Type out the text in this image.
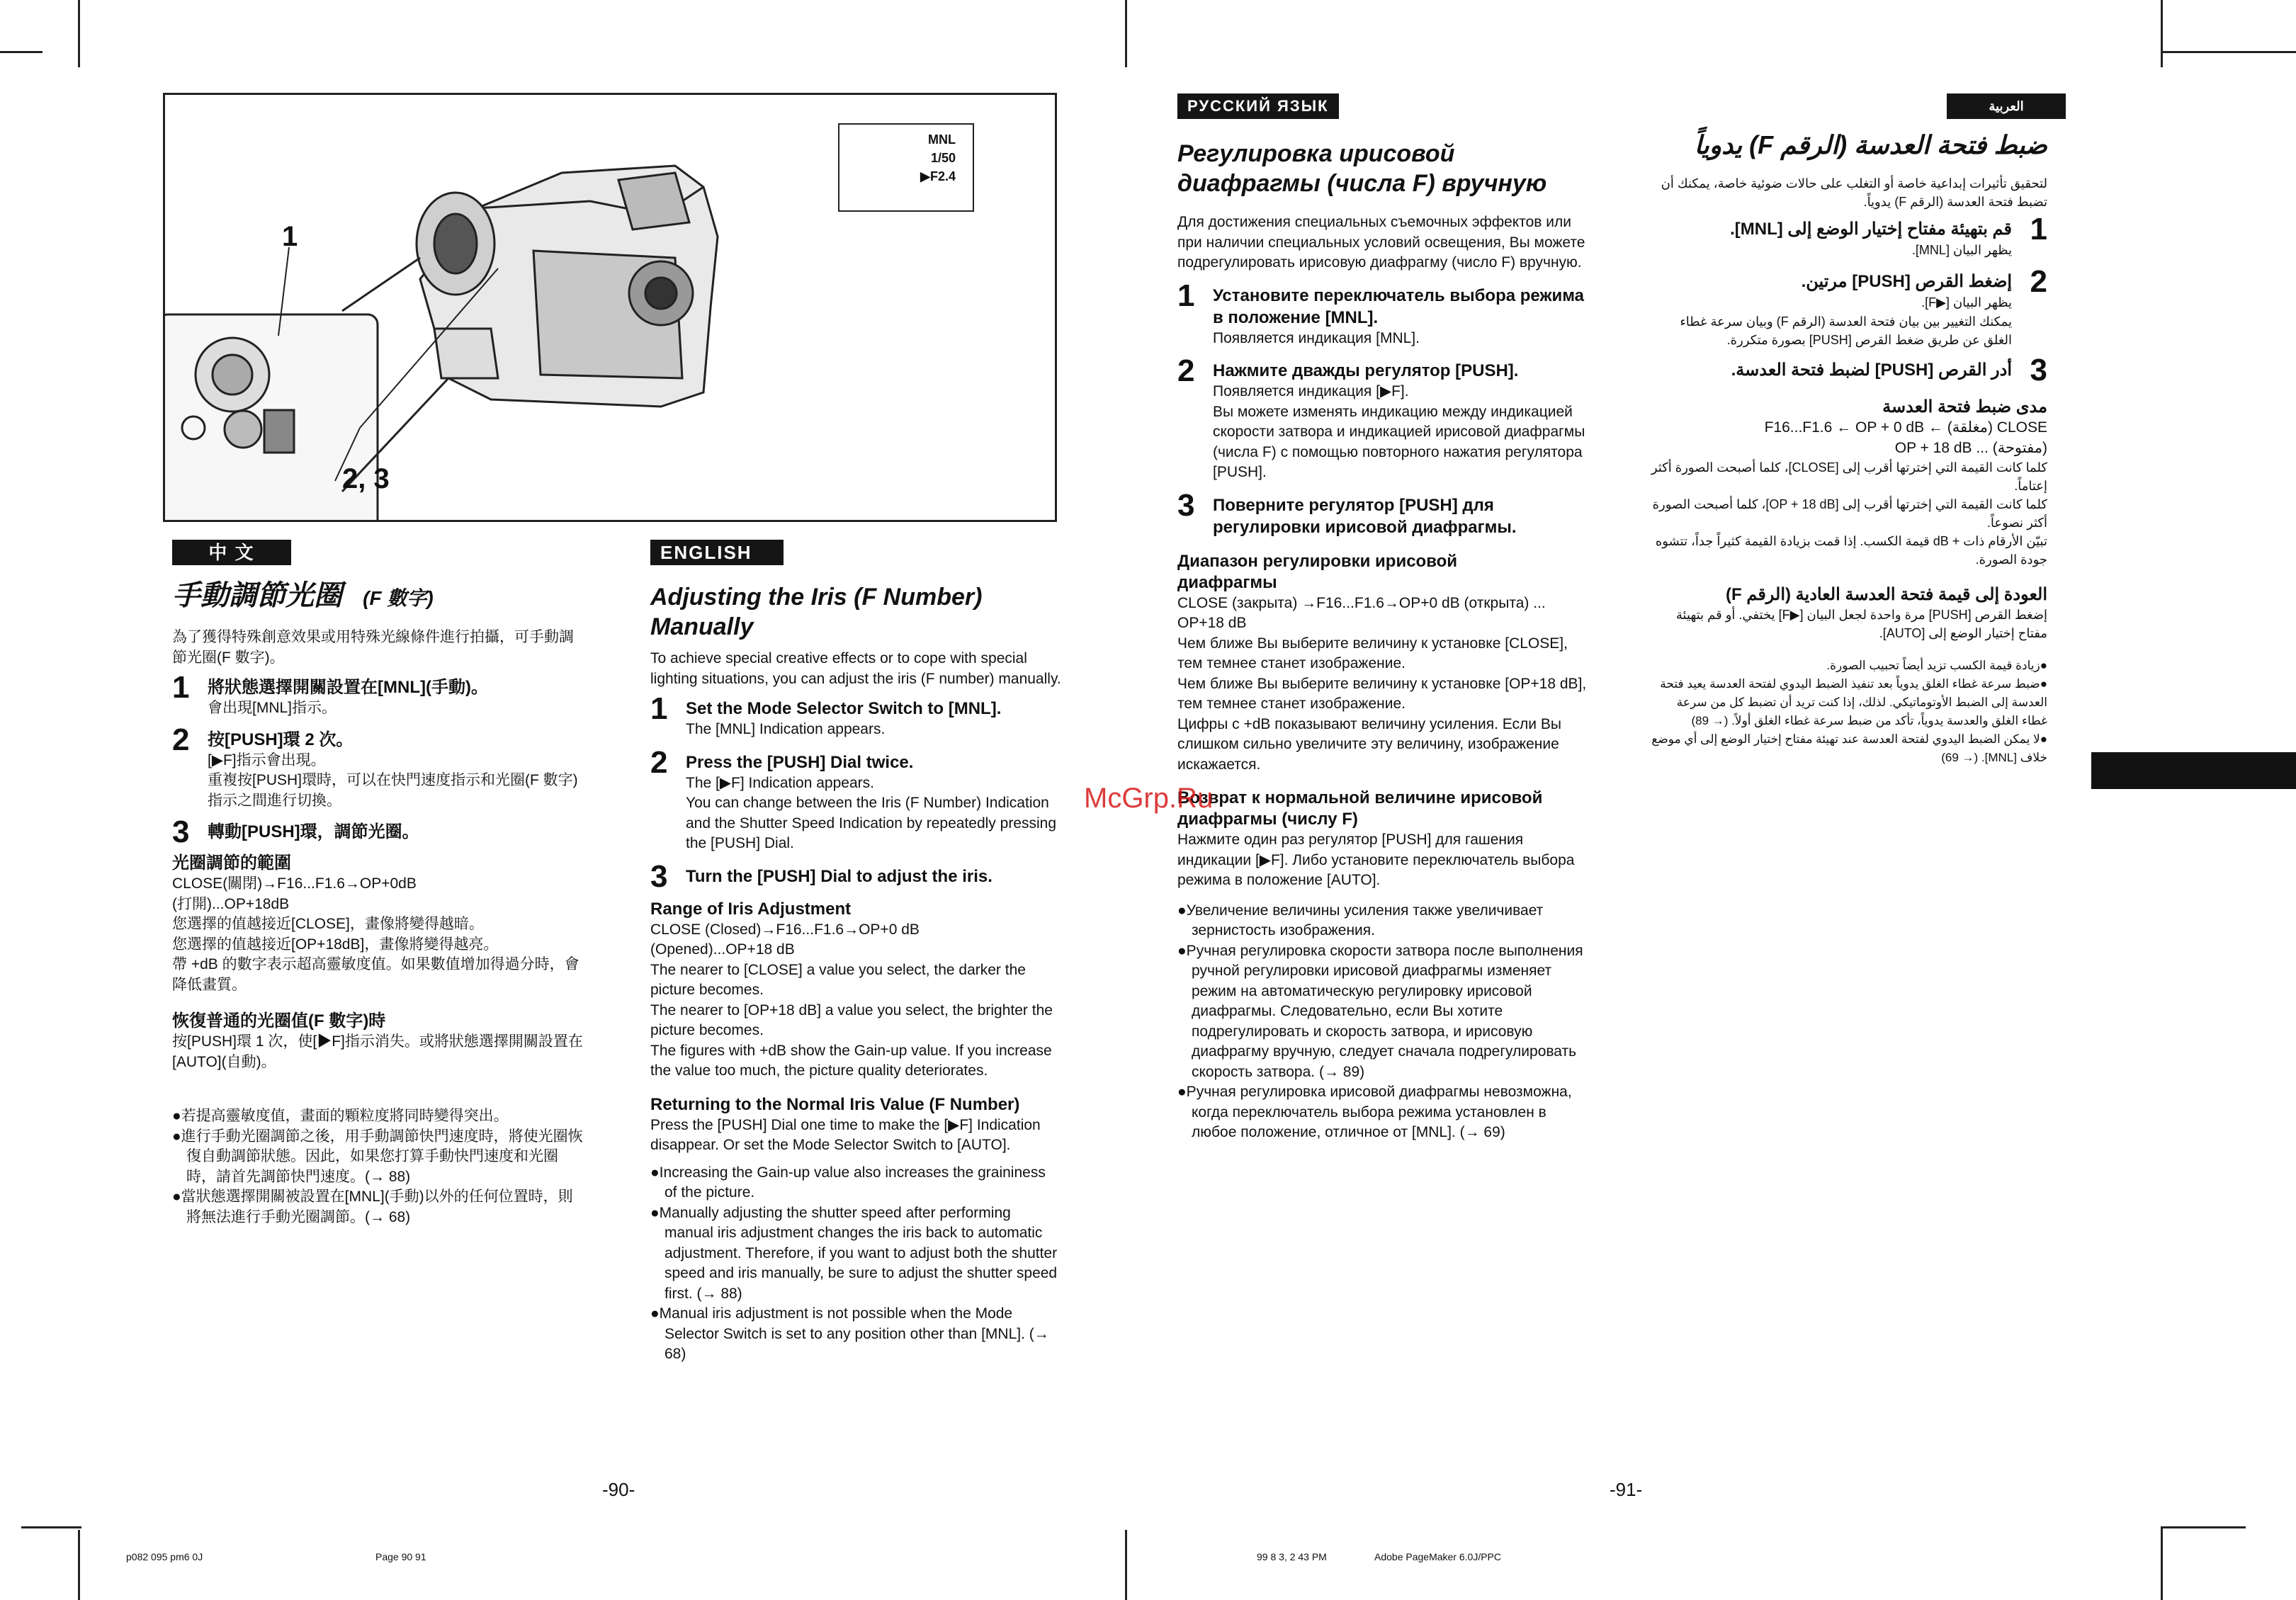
MNL
1/50
▶F2.4
1
2, 3
中 文
手動調節光圈 (F 數字)
為了獲得特殊創意效果或用特殊光線條件進行拍攝，可手動調節光圈(F 數字)。
1 將狀態選擇開關設置在[MNL](手動)。
會出現[MNL]指示。
2 按[PUSH]環 2 次。
[▶F]指示會出現。
重複按[PUSH]環時，可以在快門速度指示和光圈(F 數字)指示之間進行切換。
3 轉動[PUSH]環，調節光圈。
光圈調節的範圍
CLOSE(關閉)→F16...F1.6→OP+0dB
(打開)...OP+18dB
您選擇的值越接近[CLOSE]，畫像將變得越暗。
您選擇的值越接近[OP+18dB]，畫像將變得越亮。
帶 +dB 的數字表示超高靈敏度值。如果數值增加得過分時，會降低畫質。
恢復普通的光圈值(F 數字)時
按[PUSH]環 1 次，使[▶F]指示消失。或將狀態選擇開關設置在[AUTO](自動)。
●若提高靈敏度值，畫面的顆粒度將同時變得突出。
●進行手動光圈調節之後，用手動調節快門速度時，將使光圈恢復自動調節狀態。因此，如果您打算手動快門速度和光圈時，請首先調節快門速度。(→ 88)
●當狀態選擇開關被設置在[MNL](手動)以外的任何位置時，則將無法進行手動光圈調節。(→ 68)
ENGLISH
Adjusting the Iris (F Number) Manually
To achieve special creative effects or to cope with special lighting situations, you can adjust the iris (F number) manually.
1 Set the Mode Selector Switch to [MNL].
The [MNL] Indication appears.
2 Press the [PUSH] Dial twice.
The [▶F] Indication appears.
You can change between the Iris (F Number) Indication and the Shutter Speed Indication by repeatedly pressing the [PUSH] Dial.
3 Turn the [PUSH] Dial to adjust the iris.
Range of Iris Adjustment
CLOSE (Closed)→F16...F1.6→OP+0 dB
(Opened)...OP+18 dB
The nearer to [CLOSE] a value you select, the darker the picture becomes.
The nearer to [OP+18 dB] a value you select, the brighter the picture becomes.
The figures with +dB show the Gain-up value. If you increase the value too much, the picture quality deteriorates.
Returning to the Normal Iris Value (F Number)
Press the [PUSH] Dial one time to make the [▶F] Indication disappear. Or set the Mode Selector Switch to [AUTO].
●Increasing the Gain-up value also increases the graininess of the picture.
●Manually adjusting the shutter speed after performing manual iris adjustment changes the iris back to automatic adjustment. Therefore, if you want to adjust both the shutter speed and iris manually, be sure to adjust the shutter speed first. (→ 88)
●Manual iris adjustment is not possible when the Mode Selector Switch is set to any position other than [MNL]. (→ 68)
РУССКИЙ ЯЗЫК
Регулировка ирисовой диафрагмы (числа F) вручную
Для достижения специальных съемочных эффектов или при наличии специальных условий освещения, Вы можете подрегулировать ирисовую диафрагму (число F) вручную.
1 Установите переключатель выбора режима в положение [MNL].
Появляется индикация [MNL].
2 Нажмите дважды регулятор [PUSH].
Появляется индикация [▶F].
Вы можете изменять индикацию между индикацией скорости затвора и индикацией ирисовой диафрагмы (числа F) с помощью повторного нажатия регулятора [PUSH].
3 Поверните регулятор [PUSH] для регулировки ирисовой диафрагмы.
Диапазон регулировки ирисовой диафрагмы
CLOSE (закрыта) →F16...F1.6→OP+0 dB (открыта) ... OP+18 dB
Чем ближе Вы выберите величину к установке [CLOSE], тем темнее станет изображение.
Чем ближе Вы выберите величину к установке [OP+18 dB], тем темнее станет изображение.
Цифры с +dB показывают величину усиления. Если Вы слишком сильно увеличите эту величину, изображение искажается.
Возврат к нормальной величине ирисовой диафрагмы (числу F)
Нажмите один раз регулятор [PUSH] для гашения индикации [▶F]. Либо установите переключатель выбора режима в положение [AUTO].
●Увеличение величины усиления также увеличивает зернистость изображения.
●Ручная регулировка скорости затвора после выполнения ручной регулировки ирисовой диафрагмы изменяет режим на автоматическую регулировку ирисовой диафрагмы. Следовательно, если Вы хотите подрегулировать и скорость затвора, и ирисовую диафрагму вручную, следует сначала подрегулировать скорость затвора. (→ 89)
●Ручная регулировка ирисовой диафрагмы невозможна, когда переключатель выбора режима установлен в любое положение, отличное от [MNL]. (→ 69)
العربية
ضبط فتحة العدسة (الرقم F) يدوياً
لتحقيق تأثيرات إبداعية خاصة أو التغلب على حالات ضوئية خاصة، يمكنك أن تضبط فتحة العدسة (الرقم F) يدوياً.
1
قم بتهيئة مفتاح إختيار الوضع إلى [MNL].
يظهر البيان [MNL].
2
إضغط القرص [PUSH] مرتين.
يظهر البيان [▶F].
يمكنك التغيير بين بيان فتحة العدسة (الرقم F) وبيان سرعة غطاء الغلق عن طريق ضغط القرص [PUSH] بصورة متكررة.
3
أدر القرص [PUSH] لضبط فتحة العدسة.
مدى ضبط فتحة العدسة
CLOSE (مغلقة) ← F16...F1.6 ← OP + 0 dB
(مفتوحة) ... OP + 18 dB
كلما كانت القيمة التي إخترتها أقرب إلى [CLOSE]، كلما أصبحت الصورة أكثر إعتاماً.
كلما كانت القيمة التي إخترتها أقرب إلى [OP + 18 dB]، كلما أصبحت الصورة أكثر نصوعاً.
تبيّن الأرقام ذات + dB قيمة الكسب. إذا قمت بزيادة القيمة كثيراً جداً، تتشوه جودة الصورة.
العودة إلى قيمة فتحة العدسة العادية (الرقم F)
إضغط القرص [PUSH] مرة واحدة لجعل البيان [▶F] يختفي. أو قم بتهيئة مفتاح إختيار الوضع إلى [AUTO].
●زيادة قيمة الكسب تزيد أيضاً تحبيب الصورة.
●ضبط سرعة غطاء الغلق يدوياً بعد تنفيذ الضبط اليدوي لفتحة العدسة يعيد فتحة العدسة إلى الضبط الأوتوماتيكي. لذلك، إذا كنت تريد أن تضبط كل من سرعة غطاء الغلق والعدسة يدوياً، تأكد من ضبط سرعة غطاء الغلق أولاً. (→ 89)
●لا يمكن الضبط اليدوي لفتحة العدسة عند تهيئة مفتاح إختيار الوضع إلى أي موضع خلاف [MNL]. (→ 69)
McGrp.Ru
-90-	-91-
p082 095 pm6 0J	Page 90 91	99 8 3, 2 43 PM	Adobe PageMaker 6.0J/PPC
